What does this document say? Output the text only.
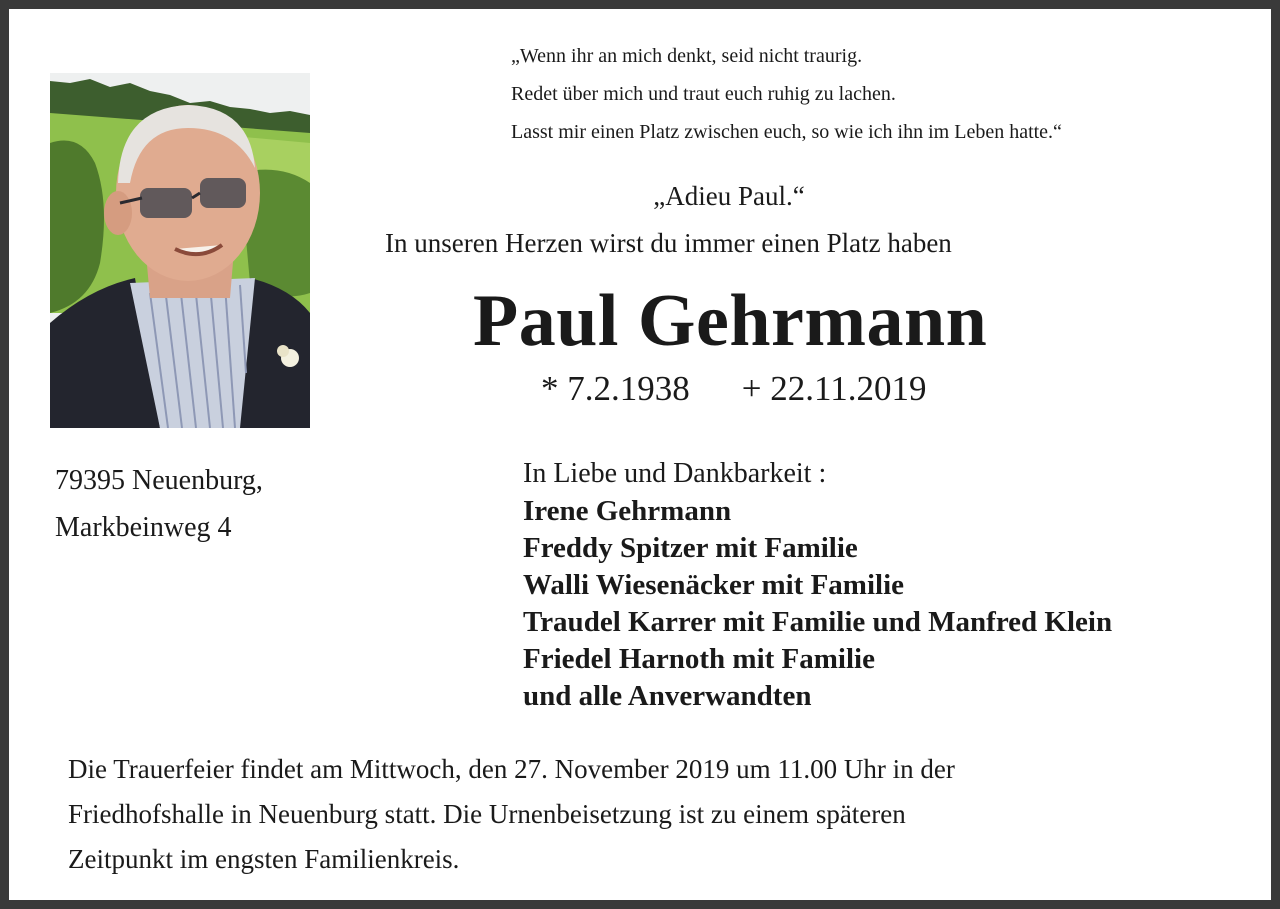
„Wenn ihr an mich denkt, seid nicht traurig.
Redet über mich und traut euch ruhig zu lachen.
Lasst mir einen Platz zwischen euch, so wie ich ihn im Leben hatte.“
„Adieu Paul.“
In unseren Herzen wirst du immer einen Platz haben
Paul Gehrmann
* 7.2.1938 + 22.11.2019
79395 Neuenburg,
Markbeinweg 4
In Liebe und Dankbarkeit :
Irene Gehrmann
Freddy Spitzer mit Familie
Walli Wiesenäcker mit Familie
Traudel Karrer mit Familie und Manfred Klein
Friedel Harnoth mit Familie
und alle Anverwandten
Die Trauerfeier findet am Mittwoch, den 27. November 2019 um 11.00 Uhr in der
Friedhofshalle in Neuenburg statt. Die Urnenbeisetzung ist zu einem späteren
Zeitpunkt im engsten Familienkreis.
